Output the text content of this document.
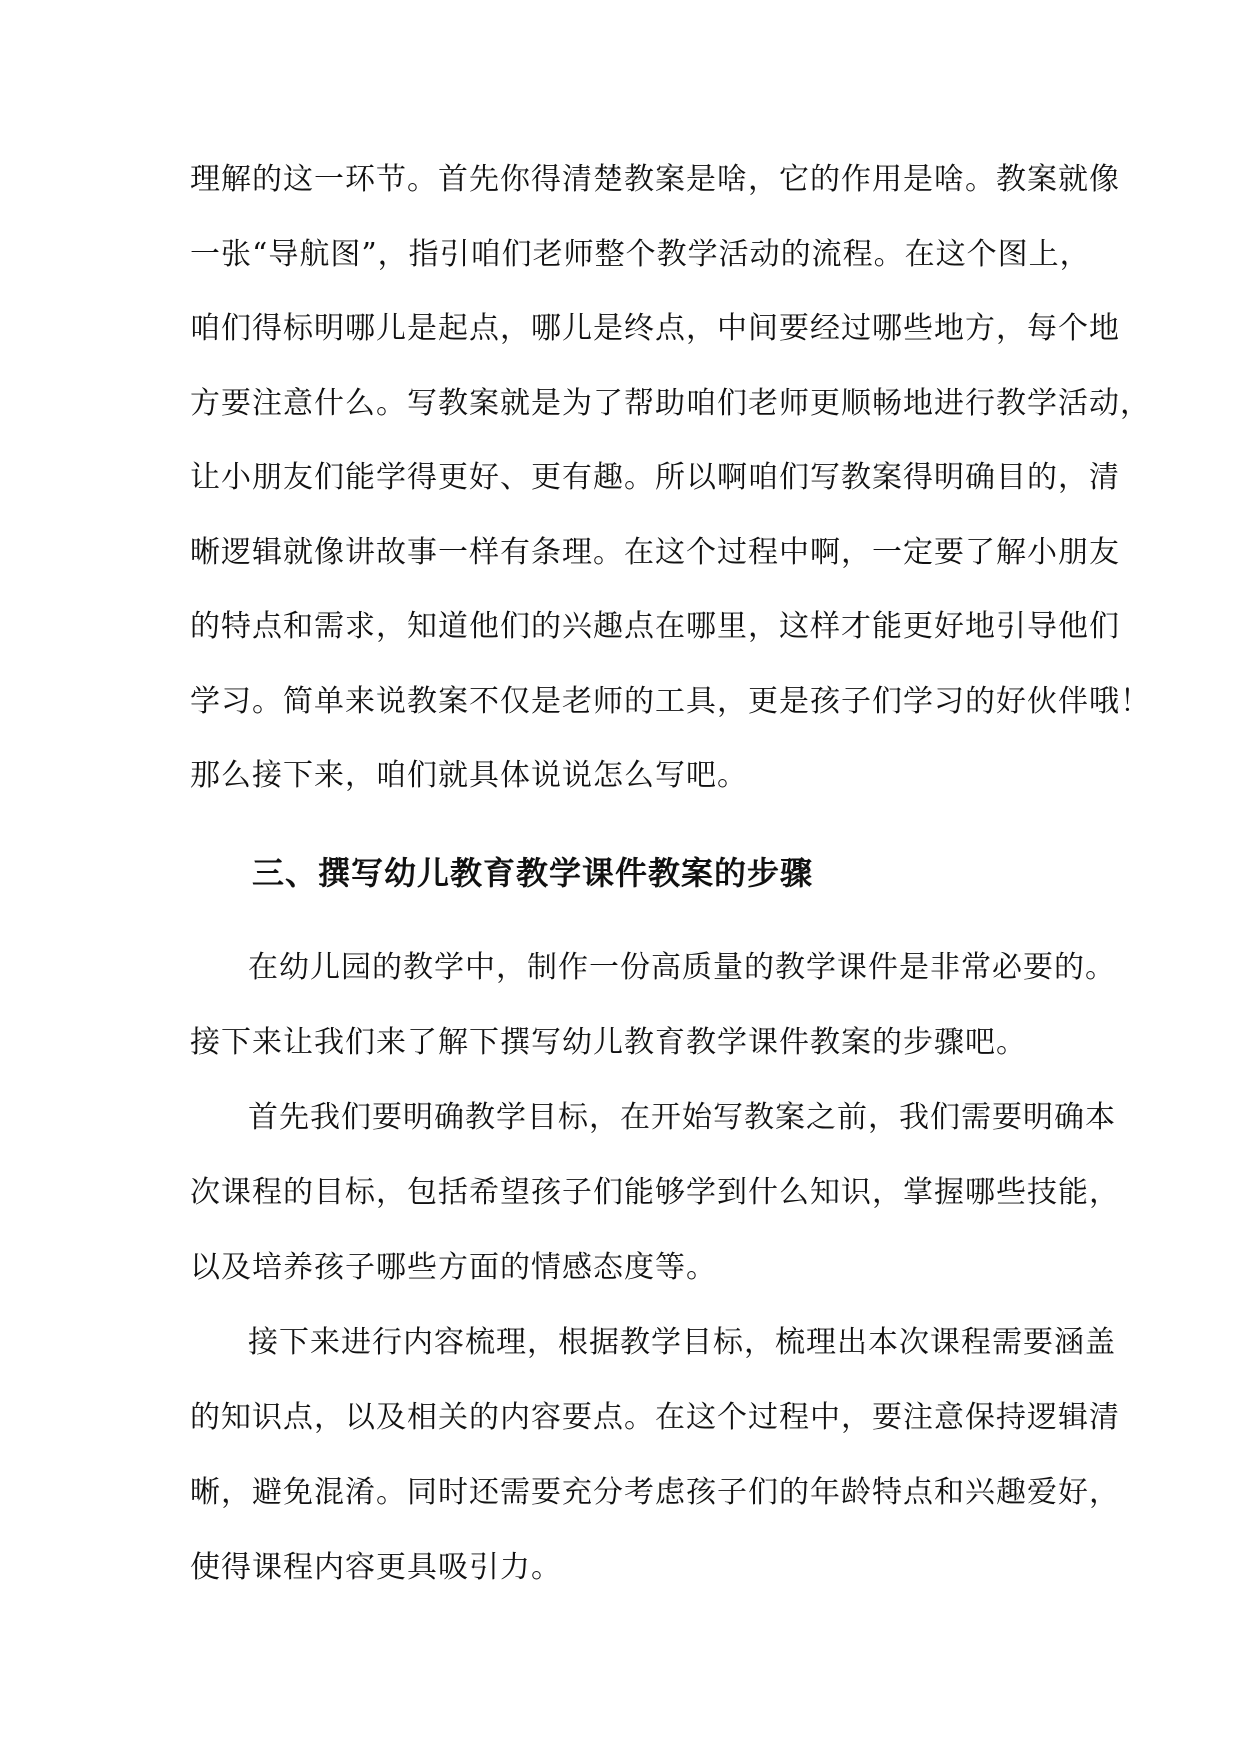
理解的这一环节。首先你得清楚教案是啥，它的作用是啥。教案就像
一张“导航图”，指引咱们老师整个教学活动的流程。在这个图上，
咱们得标明哪儿是起点，哪儿是终点，中间要经过哪些地方，每个地
方要注意什么。写教案就是为了帮助咱们老师更顺畅地进行教学活动，
让小朋友们能学得更好、更有趣。所以啊咱们写教案得明确目的，清
晰逻辑就像讲故事一样有条理。在这个过程中啊，一定要了解小朋友
的特点和需求，知道他们的兴趣点在哪里，这样才能更好地引导他们
学习。简单来说教案不仅是老师的工具，更是孩子们学习的好伙伴哦！
那么接下来，咱们就具体说说怎么写吧。
三、撰写幼儿教育教学课件教案的步骤
在幼儿园的教学中，制作一份高质量的教学课件是非常必要的。
接下来让我们来了解下撰写幼儿教育教学课件教案的步骤吧。
首先我们要明确教学目标，在开始写教案之前，我们需要明确本
次课程的目标，包括希望孩子们能够学到什么知识，掌握哪些技能，
以及培养孩子哪些方面的情感态度等。
接下来进行内容梳理，根据教学目标，梳理出本次课程需要涵盖
的知识点，以及相关的内容要点。在这个过程中，要注意保持逻辑清
晰，避免混淆。同时还需要充分考虑孩子们的年龄特点和兴趣爱好，
使得课程内容更具吸引力。
